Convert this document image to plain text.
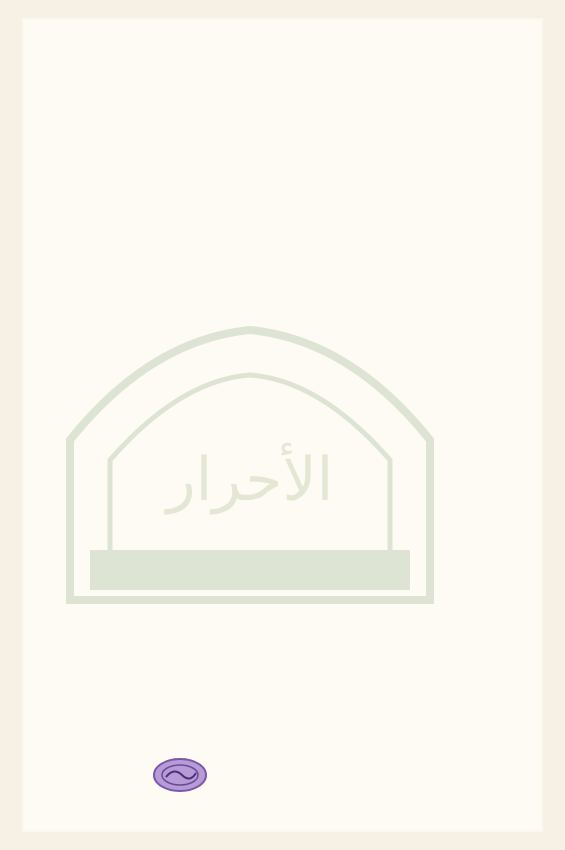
الأحرار
